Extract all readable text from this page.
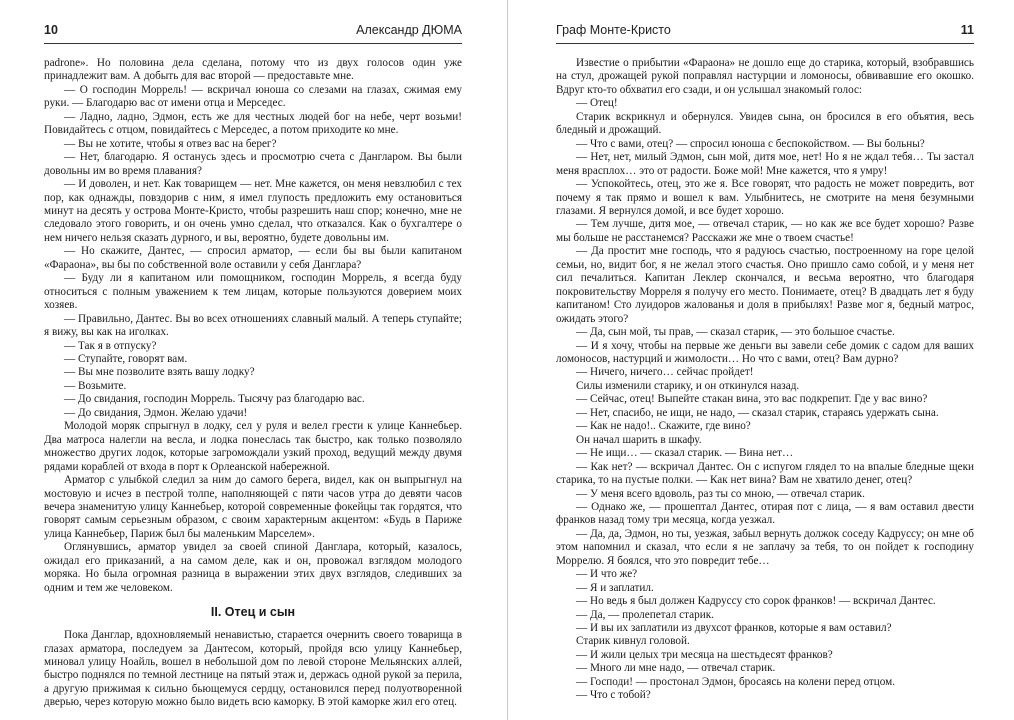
10	Александр ДЮМА

padrone». Но половина дела сделана, потому что из двух голосов один уже принадлежит вам. А добыть для вас второй — предоставьте мне.

— О господин Моррель! — вскричал юноша со слезами на глазах, сжимая ему руки. — Благодарю вас от имени отца и Мерседес.

— Ладно, ладно, Эдмон, есть же для честных людей бог на небе, черт возьми! Повидайтесь с отцом, повидайтесь с Мерседес, а потом приходите ко мне.

— Вы не хотите, чтобы я отвез вас на берег?

— Нет, благодарю. Я останусь здесь и просмотрю счета с Дангларом. Вы были довольны им во время плавания?

— И доволен, и нет. Как товарищем — нет. Мне кажется, он меня невзлюбил с тех пор, как однажды, повздорив с ним, я имел глупость предложить ему остановиться минут на десять у острова Монте-Кристо, чтобы разрешить наш спор; конечно, мне не следовало этого говорить, и он очень умно сделал, что отказался. Как о бухгалтере о нем ничего нельзя сказать дурного, и вы, вероятно, будете довольны им.

— Но скажите, Дантес, — спросил арматор, — если бы вы были капитаном «Фараона», вы бы по собственной воле оставили у себя Данглара?

— Буду ли я капитаном или помощником, господин Моррель, я всегда буду относиться с полным уважением к тем лицам, которые пользуются доверием моих хозяев.

— Правильно, Дантес. Вы во всех отношениях славный малый. А теперь ступайте; я вижу, вы как на иголках.

— Так я в отпуску?

— Ступайте, говорят вам.

— Вы мне позволите взять вашу лодку?

— Возьмите.

— До свидания, господин Моррель. Тысячу раз благодарю вас.

— До свидания, Эдмон. Желаю удачи!

Молодой моряк спрыгнул в лодку, сел у руля и велел грести к улице Каннебьер. Два матроса налегли на весла, и лодка понеслась так быстро, как только позволяло множество других лодок, которые загромождали узкий проход, ведущий между двумя рядами кораблей от входа в порт к Орлеанской набережной.

Арматор с улыбкой следил за ним до самого берега, видел, как он выпрыгнул на мостовую и исчез в пестрой толпе, наполняющей с пяти часов утра до девяти часов вечера знаменитую улицу Каннебьер, которой современные фокейцы так гордятся, что говорят самым серьезным образом, с своим характерным акцентом: «Будь в Париже улица Каннебьер, Париж был бы маленьким Марселем».

Оглянувшись, арматор увидел за своей спиной Данглара, который, казалось, ожидал его приказаний, а на самом деле, как и он, провожал взглядом молодого моряка. Но была огромная разница в выражении этих двух взглядов, следивших за одним и тем же человеком.

II. Отец и сын

Пока Данглар, вдохновляемый ненавистью, старается очернить своего товарища в глазах арматора, последуем за Дантесом, который, пройдя всю улицу Каннебьер, миновал улицу Ноайль, вошел в небольшой дом по левой стороне Мельянских аллей, быстро поднялся по темной лестнице на пятый этаж и, держась одной рукой за перила, а другую прижимая к сильно бьющемуся сердцу, остановился перед полуотворенной дверью, через которую можно было видеть всю каморку. В этой каморке жил его отец.

Граф Монте-Кристо	11

Известие о прибытии «Фараона» не дошло еще до старика, который, взобравшись на стул, дрожащей рукой поправлял настурции и ломоносы, обвивавшие его окошко. Вдруг кто-то обхватил его сзади, и он услышал знакомый голос:

— Отец!

Старик вскрикнул и обернулся. Увидев сына, он бросился в его объятия, весь бледный и дрожащий.

— Что с вами, отец? — спросил юноша с беспокойством. — Вы больны?

— Нет, нет, милый Эдмон, сын мой, дитя мое, нет! Но я не ждал тебя… Ты застал меня врасплох… это от радости. Боже мой! Мне кажется, что я умру!

— Успокойтесь, отец, это же я. Все говорят, что радость не может повредить, вот почему я так прямо и вошел к вам. Улыбнитесь, не смотрите на меня безумными глазами. Я вернулся домой, и все будет хорошо.

— Тем лучше, дитя мое, — отвечал старик, — но как же все будет хорошо? Разве мы больше не расстанемся? Расскажи же мне о твоем счастье!

— Да простит мне господь, что я радуюсь счастью, построенному на горе целой семьи, но, видит бог, я не желал этого счастья. Оно пришло само собой, и у меня нет сил печалиться. Капитан Леклер скончался, и весьма вероятно, что благодаря покровительству Морреля я получу его место. Понимаете, отец? В двадцать лет я буду капитаном! Сто луидоров жалованья и доля в прибылях! Разве мог я, бедный матрос, ожидать этого?

— Да, сын мой, ты прав, — сказал старик, — это большое счастье.

— И я хочу, чтобы на первые же деньги вы завели себе домик с садом для ваших ломоносов, настурций и жимолости… Но что с вами, отец? Вам дурно?

— Ничего, ничего… сейчас пройдет!

Силы изменили старику, и он откинулся назад.

— Сейчас, отец! Выпейте стакан вина, это вас подкрепит. Где у вас вино?

— Нет, спасибо, не ищи, не надо, — сказал старик, стараясь удержать сына.

— Как не надо!.. Скажите, где вино?

Он начал шарить в шкафу.

— Не ищи… — сказал старик. — Вина нет…

— Как нет? — вскричал Дантес. Он с испугом глядел то на впалые бледные щеки старика, то на пустые полки. — Как нет вина? Вам не хватило денег, отец?

— У меня всего вдоволь, раз ты со мною, — отвечал старик.

— Однако же, — прошептал Дантес, отирая пот с лица, — я вам оставил двести франков назад тому три месяца, когда уезжал.

— Да, да, Эдмон, но ты, уезжая, забыл вернуть должок соседу Кадруссу; он мне об этом напомнил и сказал, что если я не заплачу за тебя, то он пойдет к господину Моррелю. Я боялся, что это повредит тебе…

— И что же?

— Я и заплатил.

— Но ведь я был должен Кадруссу сто сорок франков! — вскричал Дантес.

— Да, — пролепетал старик.

— И вы их заплатили из двухсот франков, которые я вам оставил?

Старик кивнул головой.

— И жили целых три месяца на шестьдесят франков?

— Много ли мне надо, — отвечал старик.

— Господи! — простонал Эдмон, бросаясь на колени перед отцом.

— Что с тобой?
